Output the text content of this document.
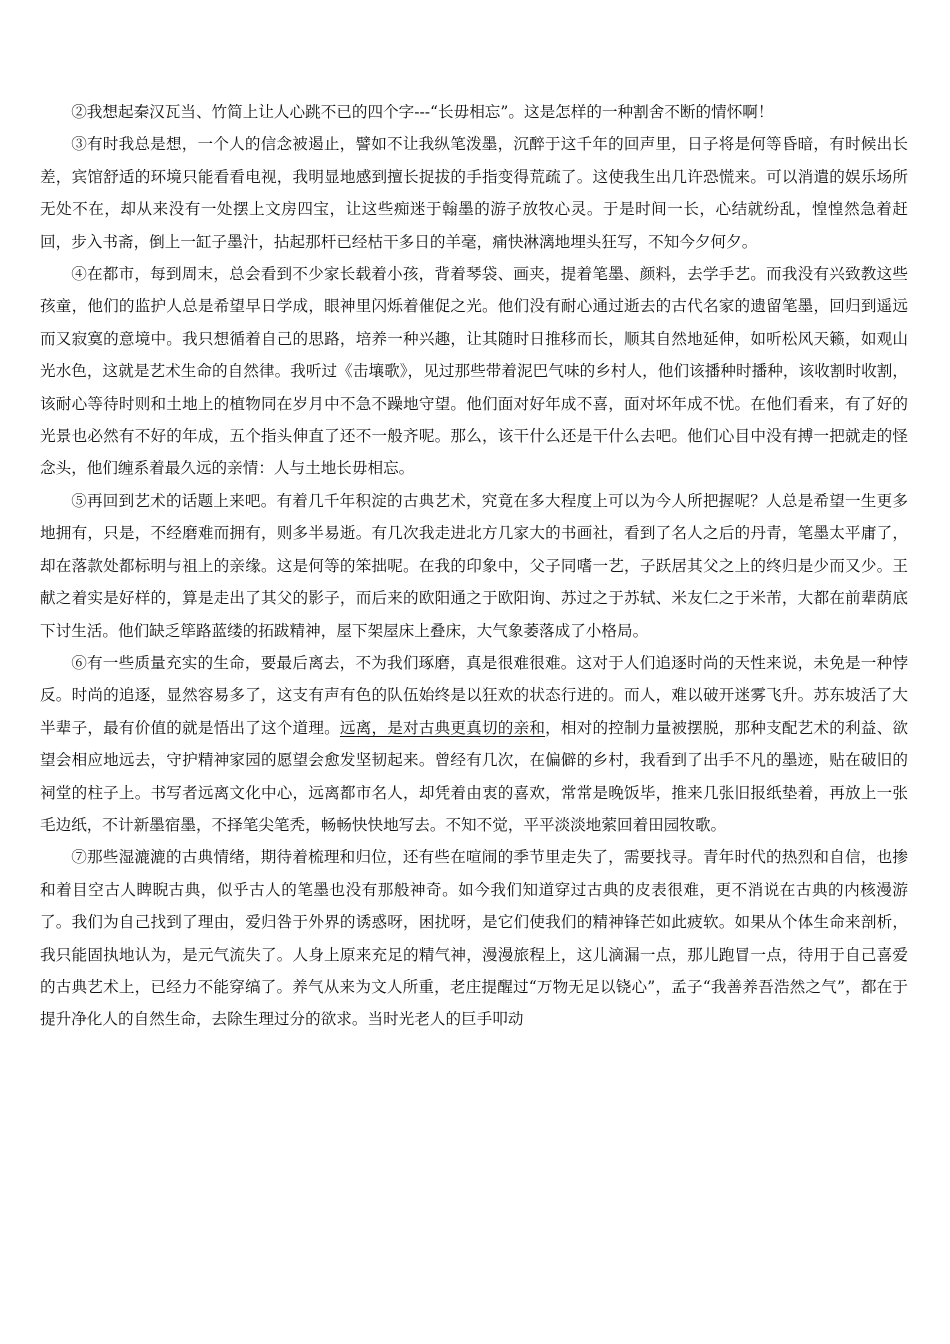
②我想起秦汉瓦当、竹简上让人心跳不已的四个字---“长毋相忘”。这是怎样的一种割舍不断的情怀啊！

③有时我总是想，一个人的信念被遏止，譬如不让我纵笔泼墨，沉醉于这千年的回声里，日子将是何等昏暗，有时候出长差，宾馆舒适的环境只能看看电视，我明显地感到擅长捉拔的手指变得荒疏了。这使我生出几许恐慌来。可以消遣的娱乐场所无处不在，却从来没有一处摆上文房四宝，让这些痴迷于翰墨的游子放牧心灵。于是时间一长，心结就纷乱，惶惶然急着赶回，步入书斋，倒上一缸子墨汁，拈起那杆已经枯干多日的羊毫，痛快淋漓地埋头狂写，不知今夕何夕。

④在都市，每到周末，总会看到不少家长载着小孩，背着琴袋、画夹，提着笔墨、颜料，去学手艺。而我没有兴致教这些孩童，他们的监护人总是希望早日学成，眼神里闪烁着催促之光。他们没有耐心通过逝去的古代名家的遗留笔墨，回归到遥远而又寂寞的意境中。我只想循着自己的思路，培养一种兴趣，让其随时日推移而长，顺其自然地延伸，如听松风天籁，如观山光水色，这就是艺术生命的自然律。我听过《击壤歌》，见过那些带着泥巴气味的乡村人，他们该播种时播种，该收割时收割，该耐心等待时则和土地上的植物同在岁月中不急不躁地守望。他们面对好年成不喜，面对坏年成不忧。在他们看来，有了好的光景也必然有不好的年成，五个指头伸直了还不一般齐呢。那么，该干什么还是干什么去吧。他们心目中没有搏一把就走的怪念头，他们缠系着最久远的亲情：人与土地长毋相忘。

⑤再回到艺术的话题上来吧。有着几千年积淀的古典艺术，究竟在多大程度上可以为今人所把握呢？人总是希望一生更多地拥有，只是，不经磨难而拥有，则多半易逝。有几次我走进北方几家大的书画社，看到了名人之后的丹青，笔墨太平庸了，却在落款处都标明与祖上的亲缘。这是何等的笨拙呢。在我的印象中，父子同嗜一艺，子跃居其父之上的终归是少而又少。王献之着实是好样的，算是走出了其父的影子，而后来的欧阳通之于欧阳询、苏过之于苏轼、米友仁之于米芾，大都在前辈荫底下讨生活。他们缺乏筚路蓝缕的拓跋精神，屋下架屋床上叠床，大气象萎落成了小格局。

⑥有一些质量充实的生命，要最后离去，不为我们琢磨，真是很难很难。这对于人们追逐时尚的天性来说，未免是一种悖反。时尚的追逐，显然容易多了，这支有声有色的队伍始终是以狂欢的状态行进的。而人，难以破开迷雾飞升。苏东坡活了大半辈子，最有价值的就是悟出了这个道理。远离，是对古典更真切的亲和，相对的控制力量被摆脱，那种支配艺术的利益、欲望会相应地远去，守护精神家园的愿望会愈发坚韧起来。曾经有几次，在偏僻的乡村，我看到了出手不凡的墨迹，贴在破旧的祠堂的柱子上。书写者远离文化中心，远离都市名人，却凭着由衷的喜欢，常常是晚饭毕，推来几张旧报纸垫着，再放上一张毛边纸，不计新墨宿墨，不择笔尖笔秃，畅畅快快地写去。不知不觉，平平淡淡地萦回着田园牧歌。

⑦那些湿漉漉的古典情绪，期待着梳理和归位，还有些在喧闹的季节里走失了，需要找寻。青年时代的热烈和自信，也掺和着目空古人睥睨古典，似乎古人的笔墨也没有那般神奇。如今我们知道穿过古典的皮表很难，更不消说在古典的内核漫游了。我们为自己找到了理由，爱归咎于外界的诱惑呀，困扰呀，是它们使我们的精神锋芒如此疲软。如果从个体生命来剖析，我只能固执地认为，是元气流失了。人身上原来充足的精气神，漫漫旅程上，这儿滴漏一点，那儿跑冒一点，待用于自己喜爱的古典艺术上，已经力不能穿缟了。养气从来为文人所重，老庄提醒过“万物无足以铙心”，孟子“我善养吾浩然之气”，都在于提升净化人的自然生命，去除生理过分的欲求。当时光老人的巨手叩动
